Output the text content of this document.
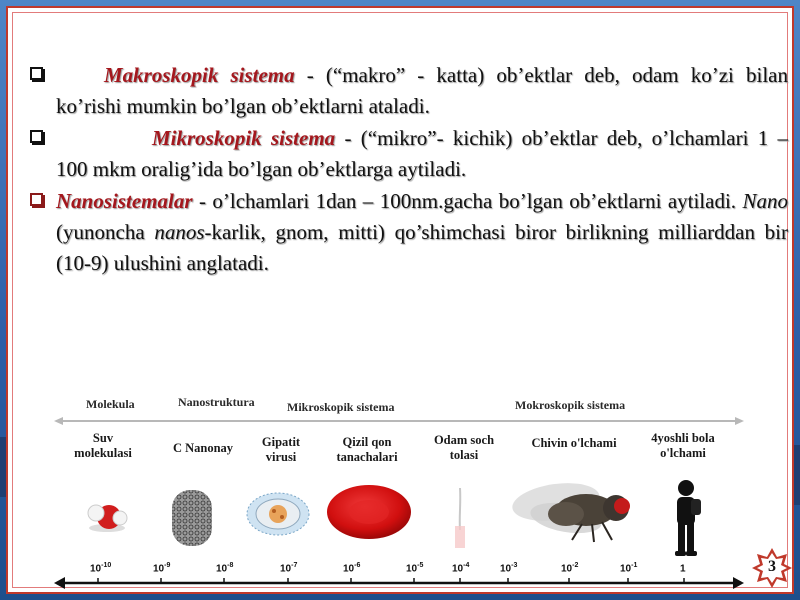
Makroskopik sistema - (“makro” - katta) ob’ektlar deb, odam ko’zi bilan ko’rishi mumkin bo’lgan ob’ektlarni ataladi.
Mikroskopik sistema - (“mikro”- kichik) ob’ektlar deb, o’lchamlari 1 – 100 mkm oralig’ida bo’lgan ob’ektlarga aytiladi.
Nanosistemalar - o’lchamlari 1dan – 100nm.gacha bo’lgan ob’ektlarni aytiladi. Nano (yunoncha nanos-karlik, gnom, mitti) qo’shimchasi biror birlikning milliarddan bir (10-9) ulushini anglatadi.
Molekula	Nanostruktura	Mikroskopik sistema	Mokroskopik sistema
Suv
molekulasi	C Nanonay	Gipatit
virusi
Qizil qon
tanachalari
Odam soch
tolasi
Chivin o'lchami	4yoshli bola
o'lchami
$10^{-10}$	$10^{-9}$	$10^{-8}$	$10^{-7}$	$10^{-6}$	$10^{-5}$	$10^{-4}$	$10^{-3}$	$10^{-2}$	$10^{-1}$	1	3
